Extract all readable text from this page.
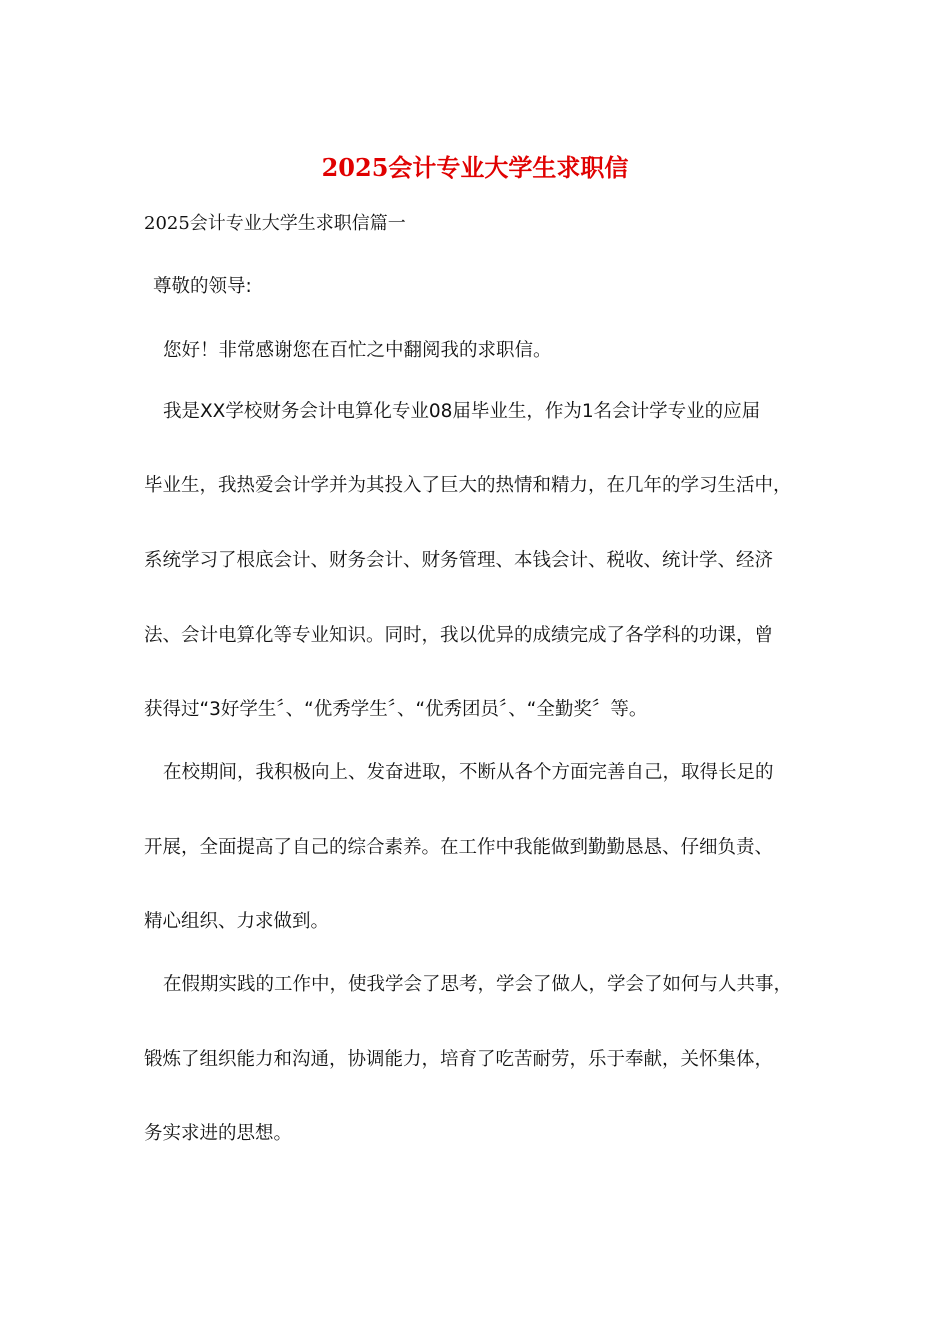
2025会计专业大学生求职信
2025会计专业大学生求职信篇一
尊敬的领导:
您好！非常感谢您在百忙之中翻阅我的求职信。
我是XX学校财务会计电算化专业08届毕业生，作为1名会计学专业的应届
毕业生，我热爱会计学并为其投入了巨大的热情和精力，在几年的学习生活中，
系统学习了根底会计、财务会计、财务管理、本钱会计、税收、统计学、经济
法、会计电算化等专业知识。同时，我以优异的成绩完成了各学科的功课，曾
获得过“3好学生〞、“优秀学生〞、“优秀团员〞、“全勤奖〞等。
在校期间，我积极向上、发奋进取，不断从各个方面完善自己，取得长足的
开展，全面提高了自己的综合素养。在工作中我能做到勤勤恳恳、仔细负责、
精心组织、力求做到。
在假期实践的工作中，使我学会了思考，学会了做人，学会了如何与人共事，
锻炼了组织能力和沟通，协调能力，培育了吃苦耐劳，乐于奉献，关怀集体，
务实求进的思想。
